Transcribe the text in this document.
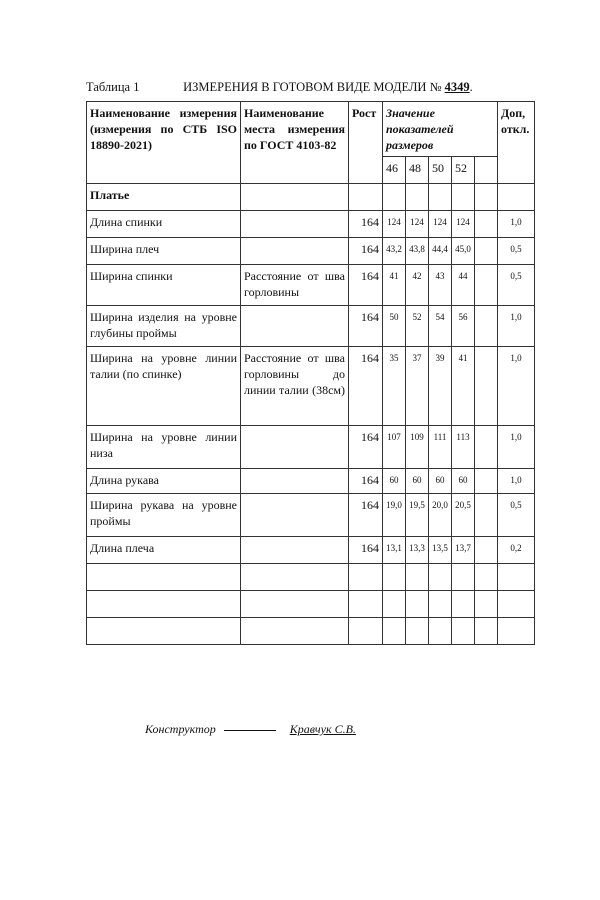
Таблица 1	ИЗМЕРЕНИЯ В ГОТОВОМ ВИДЕ МОДЕЛИ № 4349.
Наименование измерения (измерения по СТБ ISO 18890-2021)	Наименование места измерения по ГОСТ 4103-82	Рост	Значение показателей размеров					Доп, откл.
			46	48	50	52		
Платье								
Длина спинки		164	124	124	124	124		1,0
Ширина плеч		164	43,2	43,8	44,4	45,0		0,5
Ширина спинки	Расстояние от шва горловины	164	41	42	43	44		0,5
Ширина изделия на уровне глубины проймы		164	50	52	54	56		1,0
Ширина на уровне линии талии (по спинке)	Расстояние от шва горловины до линии талии (38см)	164	35	37	39	41		1,0
Ширина на уровне линии низа		164	107	109	111	113		1,0
Длина рукава		164	60	60	60	60		1,0
Ширина рукава на уровне проймы		164	19,0	19,5	20,0	20,5		0,5
Длина плеча		164	13,1	13,3	13,5	13,7		0,2

Конструктор	Кравчук С.В.
